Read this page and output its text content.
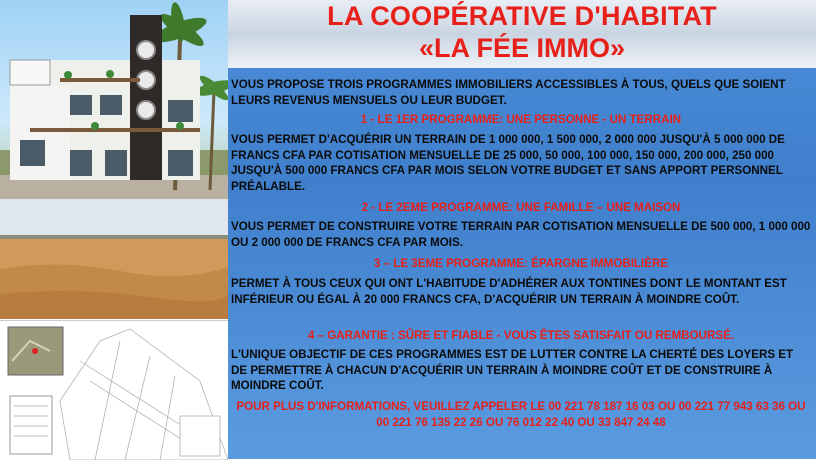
LA COOPÉRATIVE D'HABITAT
«LA FÉE IMMO»
VOUS PROPOSE TROIS PROGRAMMES IMMOBILIERS ACCESSIBLES À TOUS, QUELS QUE SOIENT LEURS REVENUS MENSUELS OU LEUR BUDGET.
1 - LE 1ER PROGRAMME: UNE PERSONNE - UN TERRAIN
VOUS PERMET D'ACQUÉRIR UN TERRAIN DE 1 000 000, 1 500 000, 2 000 000 JUSQU'À 5 000 000 DE FRANCS CFA PAR COTISATION MENSUELLE DE 25 000, 50 000, 100 000, 150 000, 200 000, 250 000 JUSQU'À 500 000 FRANCS CFA PAR MOIS SELON VOTRE BUDGET ET SANS APPORT PERSONNEL PRÉALABLE.
2 - LE 2EME PROGRAMME: UNE FAMILLE – UNE MAISON
VOUS PERMET DE CONSTRUIRE VOTRE TERRAIN PAR COTISATION MENSUELLE DE 500 000, 1 000 000 OU 2 000 000 DE FRANCS CFA PAR MOIS.
3 – LE 3EME PROGRAMME: ÉPARGNE IMMOBILIÈRE
PERMET À TOUS CEUX QUI ONT L'HABITUDE D'ADHÉRER AUX TONTINES DONT LE MONTANT EST INFÉRIEUR OU ÉGAL À 20 000 FRANCS CFA, D'ACQUÉRIR UN TERRAIN À MOINDRE COÛT.
4 – GARANTIE : SÛRE ET FIABLE - VOUS ÊTES SATISFAIT OU REMBOURSÉ.
L'UNIQUE OBJECTIF DE CES PROGRAMMES EST DE LUTTER CONTRE LA CHERTÉ DES LOYERS ET DE PERMETTRE À CHACUN D'ACQUÉRIR UN TERRAIN À MOINDRE COÛT ET DE CONSTRUIRE À MOINDRE COÛT.
POUR PLUS D'INFORMATIONS, VEUILLEZ APPELER LE 00 221 78 187 16 03 OU 00 221 77 943 63 36 OU 00 221 76 135 22 26 OU 76 012 22 40 OU 33 847 24 48
